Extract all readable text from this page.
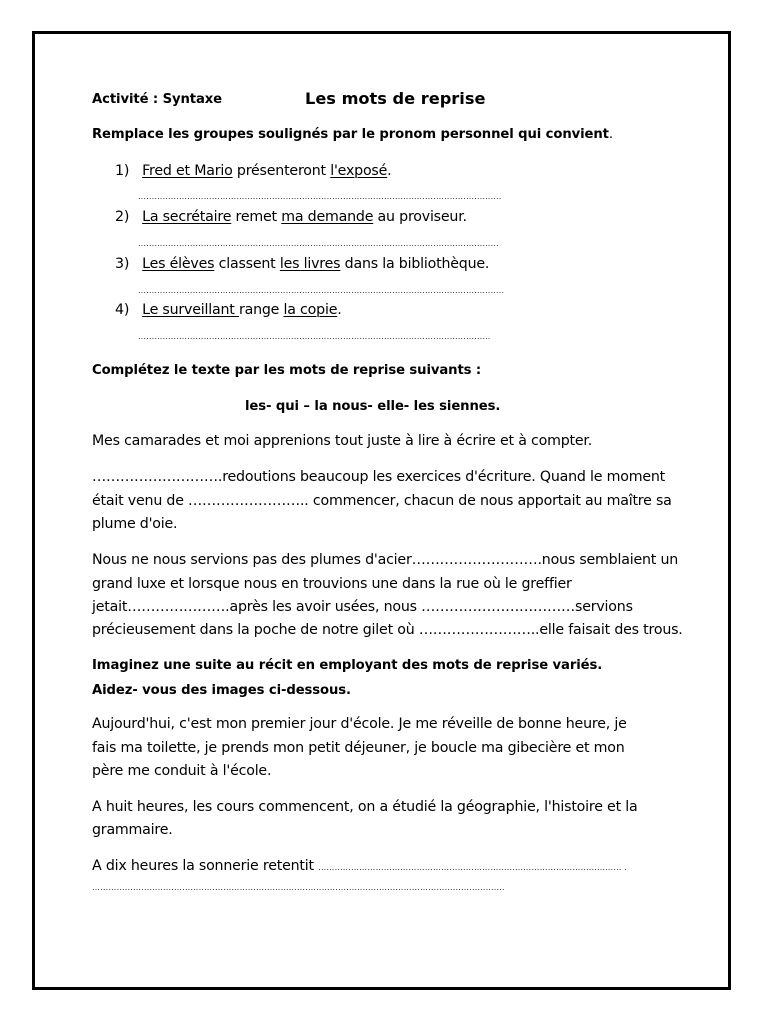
Activité : Syntaxe	Les mots de reprise
Remplace les groupes soulignés par le pronom personnel qui convient.
1) Fred et Mario présenteront l'exposé.
…………………………………………………………………………………………………………………….
2) La secrétaire remet ma demande au proviseur.
……………………………………………………………………………………………………………………
3) Les élèves classent les livres dans la bibliothèque.
……………………………………………………………………………………………………………………..
4) Le surveillant range la copie.
…………………………………………………………………………………………………………………
Complétez le texte par les mots de reprise suivants :
les- qui – la nous- elle- les siennes.
Mes camarades et moi apprenions tout juste à lire à écrire et à compter.
……………………….redoutions beaucoup les exercices d'écriture. Quand le moment
était venu de …………………….. commencer, chacun de nous apportait au maître sa
plume d'oie.
Nous ne nous servions pas des plumes d'acier……………………….nous semblaient un
grand luxe et lorsque nous en trouvions une dans la rue où le greffier
jetait………………….après les avoir usées, nous ……………………………servions
précieusement dans la poche de notre gilet où ……………………..elle faisait des trous.
Imaginez une suite au récit en employant des mots de reprise variés.
Aidez- vous des images ci-dessous.
Aujourd'hui, c'est mon premier jour d'école. Je me réveille de bonne heure, je
fais ma toilette, je prends mon petit déjeuner, je boucle ma gibecière et mon
père me conduit à l'école.
A huit heures, les cours commencent, on a étudié la géographie, l'histoire et la
grammaire.
A dix heures la sonnerie retentit ………………………………………………………………………………………………… .
…………………………………………………………………………………………………………………………………….
